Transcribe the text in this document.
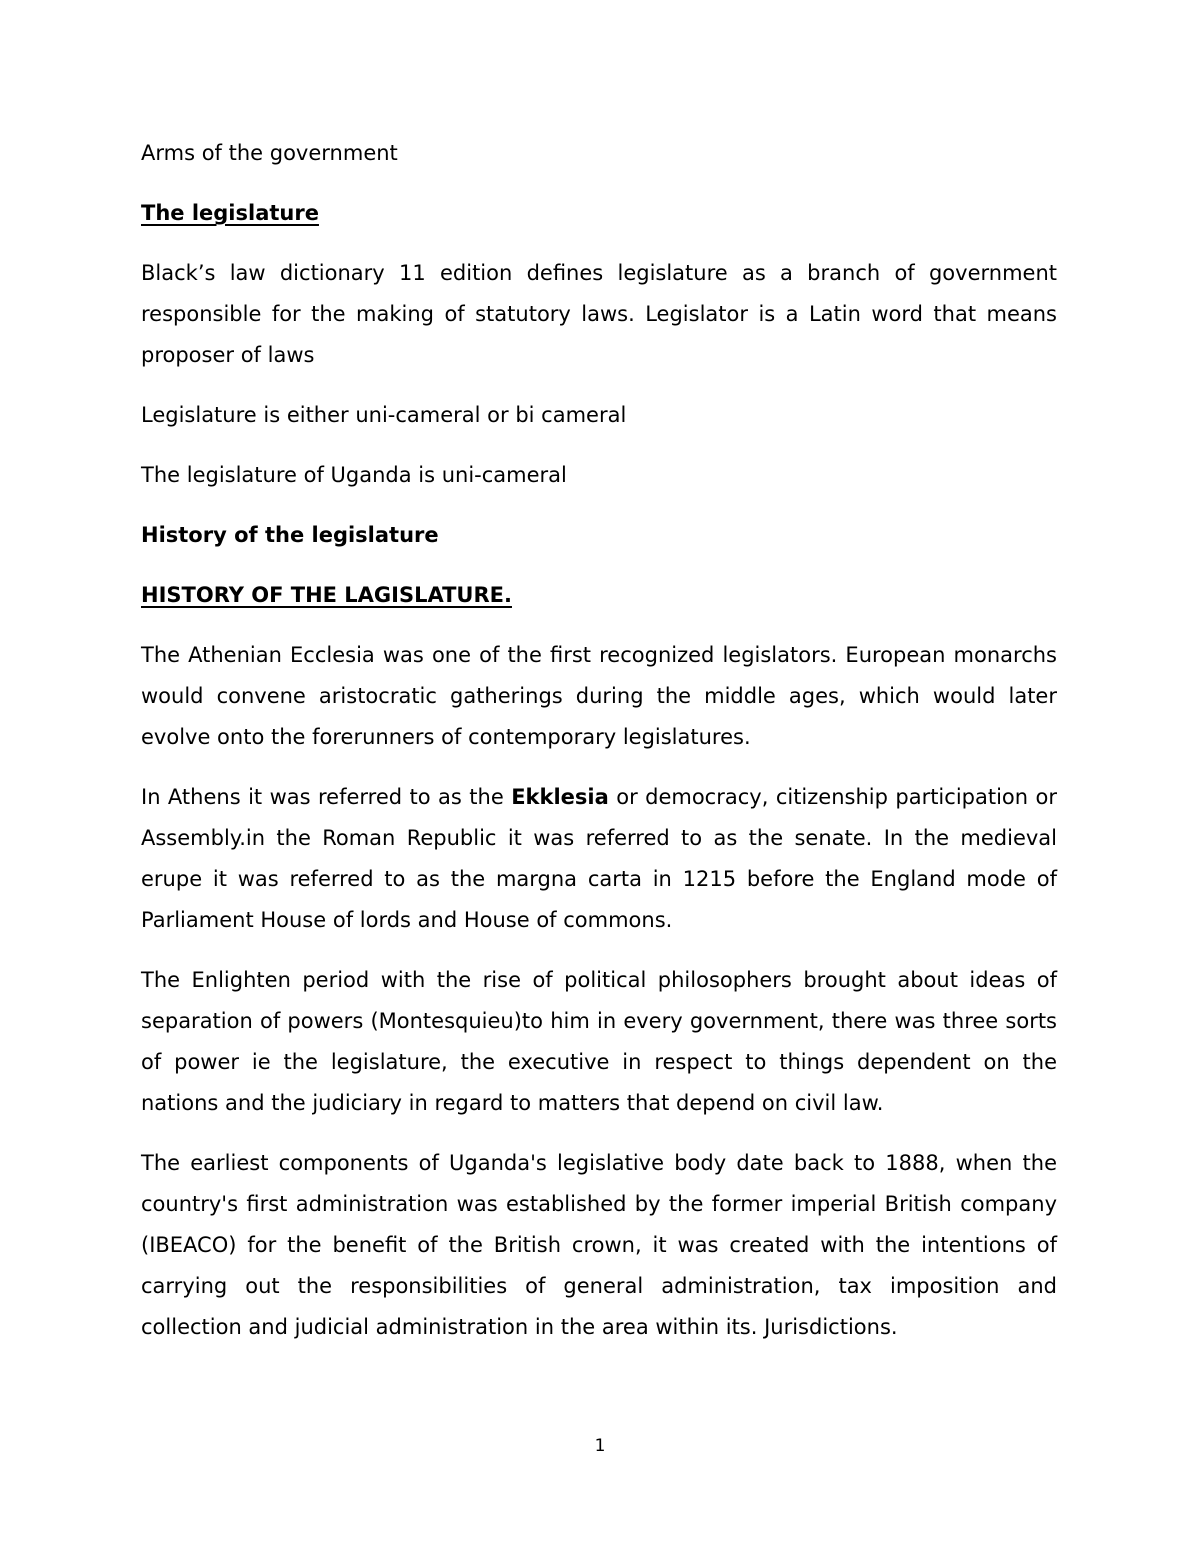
Arms of the government

The legislature

Black’s law dictionary 11 edition defines legislature as a branch of government responsible for the making of statutory laws. Legislator is a Latin word that means proposer of laws

Legislature is either uni-cameral or bi cameral

The legislature of Uganda is uni-cameral

History of the legislature

HISTORY OF THE LAGISLATURE.

The Athenian Ecclesia was one of the first recognized legislators. European monarchs would convene aristocratic gatherings during the middle ages, which would later evolve onto the forerunners of contemporary legislatures.

In Athens it was referred to as the Ekklesia or democracy, citizenship participation or Assembly.in the Roman Republic it was referred to as the senate. In the medieval erupe it was referred to as the margna carta in 1215 before the England mode of Parliament House of lords and House of commons.

The Enlighten period with the rise of political philosophers brought about ideas of separation of powers (Montesquieu)to him in every government, there was three sorts of power ie the legislature, the executive in respect to things dependent on the nations and the judiciary in regard to matters that depend on civil law.

The earliest components of Uganda's legislative body date back to 1888, when the country's first administration was established by the former imperial British company (IBEACO) for the benefit of the British crown, it was created with the intentions of carrying out the responsibilities of general administration, tax imposition and collection and judicial administration in the area within its. Jurisdictions.

1
